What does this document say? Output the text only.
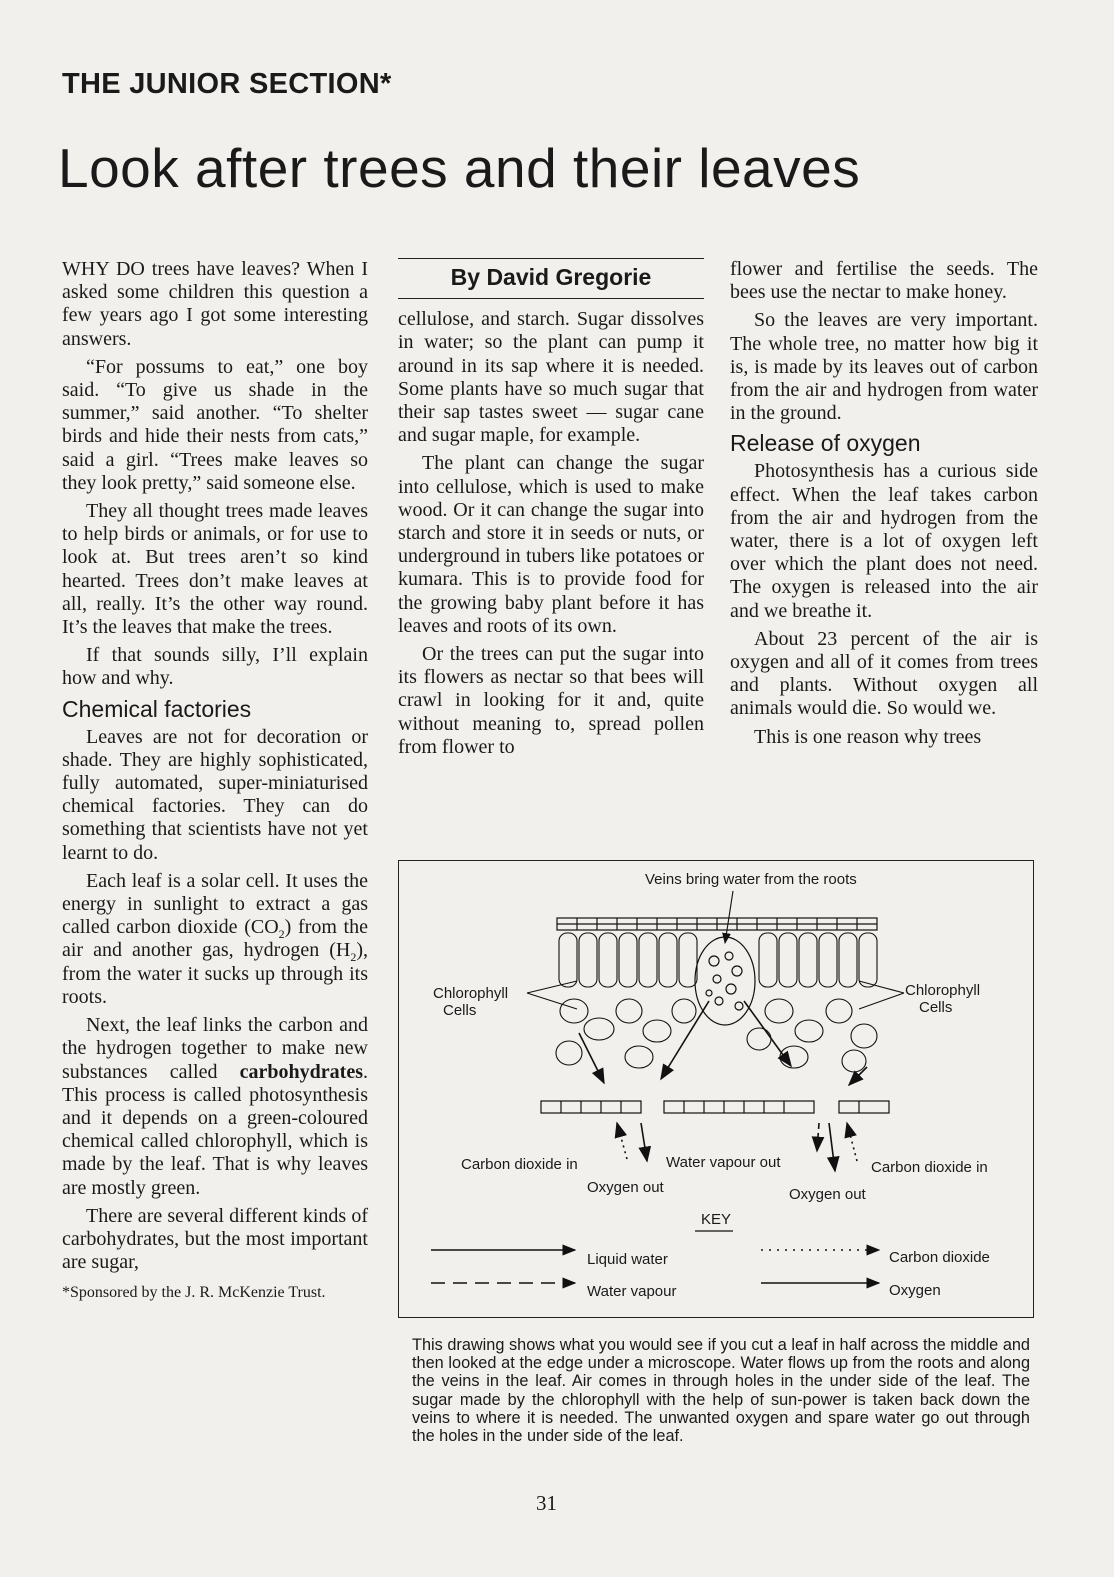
THE JUNIOR SECTION*
Look after trees and their leaves

WHY DO trees have leaves? When I asked some children this question a few years ago I got some interesting answers.

“For possums to eat,” one boy said. “To give us shade in the summer,” said another. “To shelter birds and hide their nests from cats,” said a girl. “Trees make leaves so they look pretty,” said someone else.

They all thought trees made leaves to help birds or animals, or for use to look at. But trees aren’t so kind hearted. Trees don’t make leaves at all, really. It’s the other way round. It’s the leaves that make the trees.

If that sounds silly, I’ll explain how and why.

Chemical factories

Leaves are not for decoration or shade. They are highly sophisticated, fully automated, super-miniaturised chemical factories. They can do something that scientists have not yet learnt to do.

Each leaf is a solar cell. It uses the energy in sunlight to extract a gas called carbon dioxide $(CO_2)$ from the air and another gas, hydrogen $(H_2)$, from the water it sucks up through its roots.

Next, the leaf links the carbon and the hydrogen together to make new substances called carbohydrates. This process is called photosynthesis and it depends on a green-coloured chemical called chlorophyll, which is made by the leaf. That is why leaves are mostly green.

There are several different kinds of carbohydrates, but the most important are sugar,

*Sponsored by the J. R. McKenzie Trust.
By David Gregorie

cellulose, and starch. Sugar dissolves in water; so the plant can pump it around in its sap where it is needed. Some plants have so much sugar that their sap tastes sweet — sugar cane and sugar maple, for example.

The plant can change the sugar into cellulose, which is used to make wood. Or it can change the sugar into starch and store it in seeds or nuts, or underground in tubers like potatoes or kumara. This is to provide food for the growing baby plant before it has leaves and roots of its own.

Or the trees can put the sugar into its flowers as nectar so that bees will crawl in looking for it and, quite without meaning to, spread pollen from flower to

flower and fertilise the seeds. The bees use the nectar to make honey.

So the leaves are very important. The whole tree, no matter how big it is, is made by its leaves out of carbon from the air and hydrogen from water in the ground.

Release of oxygen

Photosynthesis has a curious side effect. When the leaf takes carbon from the air and hydrogen from the water, there is a lot of oxygen left over which the plant does not need. The oxygen is released into the air and we breathe it.

About 23 percent of the air is oxygen and all of it comes from trees and plants. Without oxygen all animals would die. So would we.

This is one reason why trees

Veins bring water from the roots
Chlorophyll
Cells
Chlorophyll
Cells
Carbon dioxide in	Water vapour out	Carbon dioxide in
Oxygen out	Oxygen out
KEY
Liquid water
Water vapour
Carbon dioxide
Oxygen
This drawing shows what you would see if you cut a leaf in half across the middle and then looked at the edge under a microscope. Water flows up from the roots and along the veins in the leaf. Air comes in through holes in the under side of the leaf. The sugar made by the chlorophyll with the help of sun-power is taken back down the veins to where it is needed. The unwanted oxygen and spare water go out through the holes in the under side of the leaf.
31
